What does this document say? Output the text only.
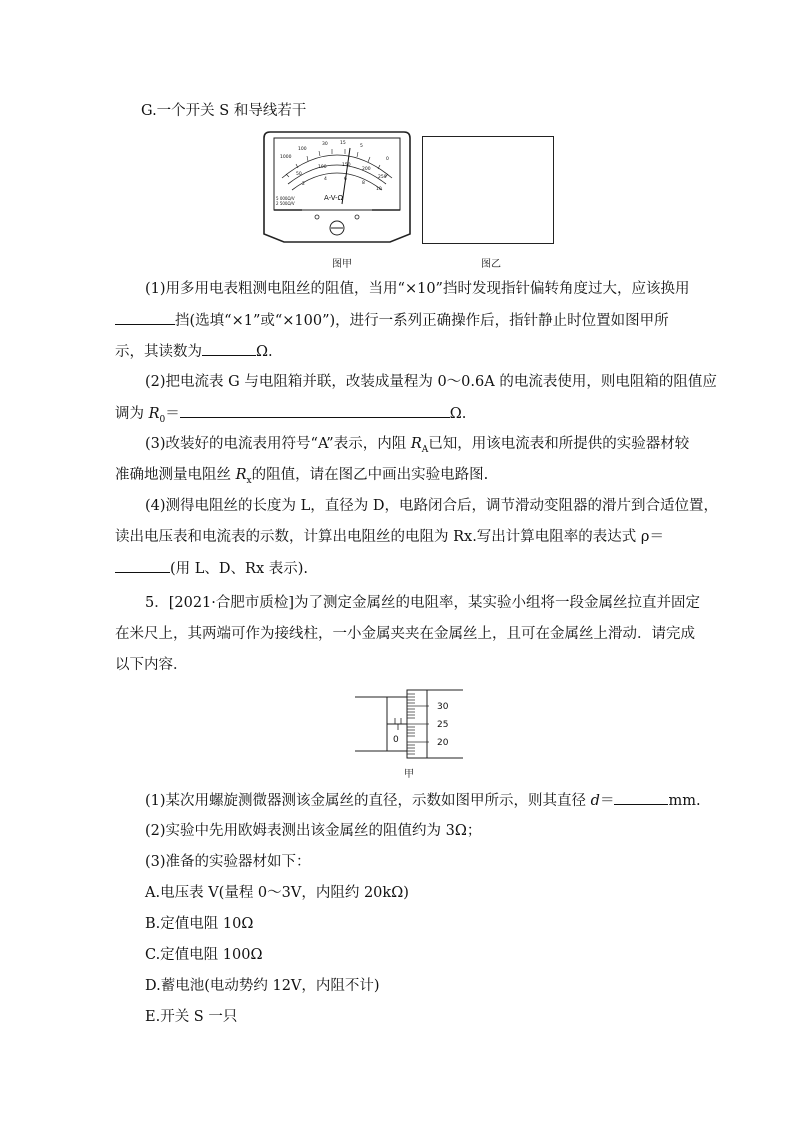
G.一个开关 S 和导线若干
1000
100
30	15
5
0
50
100	150
200
250
2
4	6
8
10
A-V-Ω
5 000Ω/V
2 500Ω/V
图甲	图乙
(1)用多用电表粗测电阻丝的阻值，当用“×10”挡时发现指针偏转角度过大，应该换用
挡(选填“×1”或“×100”)，进行一系列正确操作后，指针静止时位置如图甲所
示，其读数为	Ω.
(2)把电流表 G 与电阻箱并联，改装成量程为 0～0.6A 的电流表使用，则电阻箱的阻值应
调为 $R_0=$	Ω.
(3)改装好的电流表用符号“A”表示，内阻 $R_A$已知，用该电流表和所提供的实验器材较
准确地测量电阻丝 $R_x$的阻值，请在图乙中画出实验电路图.
(4)测得电阻丝的长度为 L，直径为 D，电路闭合后，调节滑动变阻器的滑片到合适位置，
读出电压表和电流表的示数，计算出电阻丝的电阻为 Rx.写出计算电阻率的表达式 ρ＝
(用 L、D、Rx 表示).
5．[2021·合肥市质检]为了测定金属丝的电阻率，某实验小组将一段金属丝拉直并固定
在米尺上，其两端可作为接线柱，一小金属夹夹在金属丝上，且可在金属丝上滑动．请完成
以下内容．
0
30
25
20
甲
(1)某次用螺旋测微器测该金属丝的直径，示数如图甲所示，则其直径 d＝	mm.
(2)实验中先用欧姆表测出该金属丝的阻值约为 3Ω；
(3)准备的实验器材如下：
A.电压表 V(量程 0～3V，内阻约 20kΩ)
B.定值电阻 10Ω
C.定值电阻 100Ω
D.蓄电池(电动势约 12V，内阻不计)
E.开关 S 一只
